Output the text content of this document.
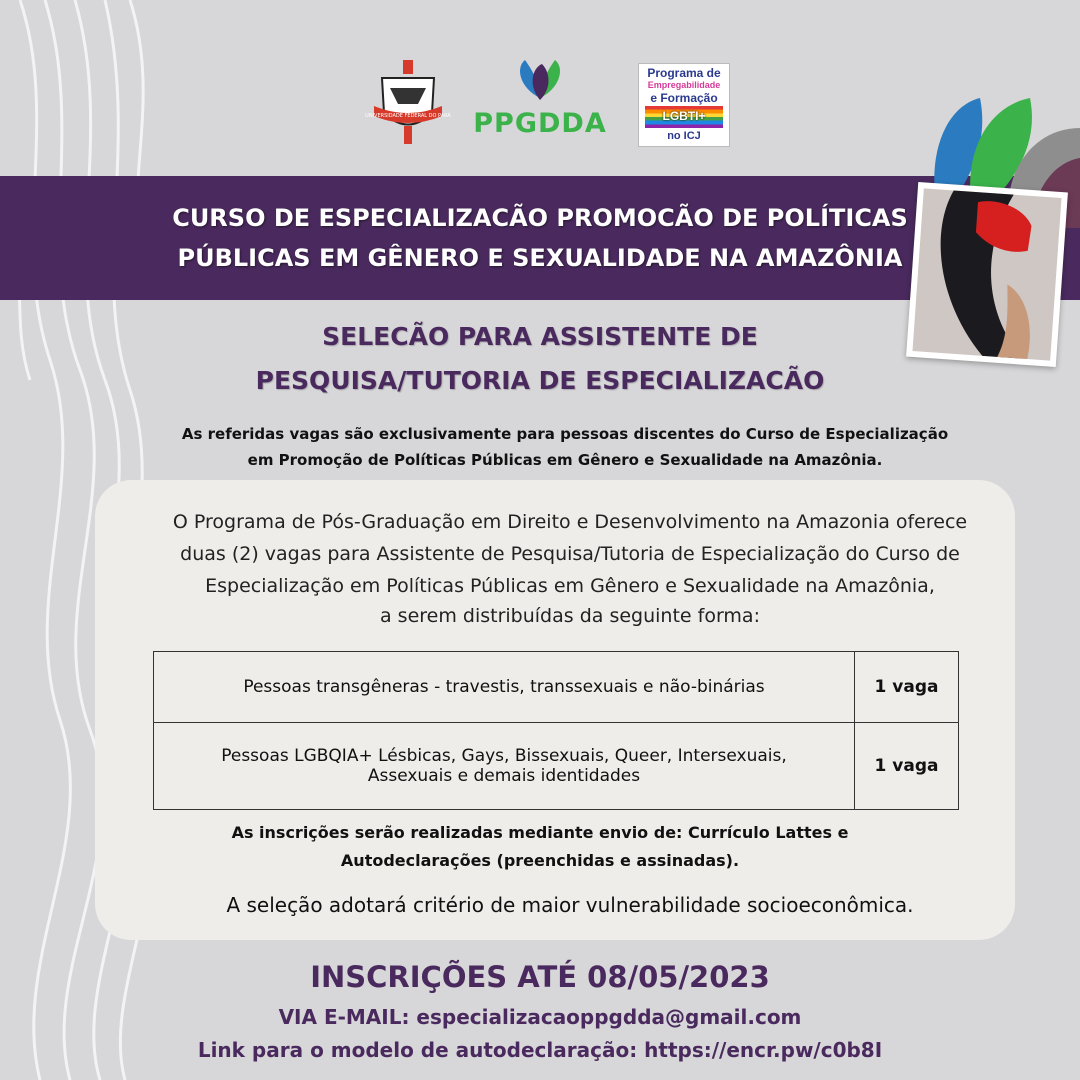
UNIVERSIDADE FEDERAL DO PARÁ PPGDDA
Programa de
Empregabilidade
e Formação
LGBTI+
no ICJ
CURSO DE ESPECIALIZACÃO PROMOCÃO DE POLÍTICAS
PÚBLICAS EM GÊNERO E SEXUALIDADE NA AMAZÔNIA
SELECÃO PARA ASSISTENTE DE
PESQUISA/TUTORIA DE ESPECIALIZACÃO
As referidas vagas são exclusivamente para pessoas discentes do Curso de Especialização
em Promoção de Políticas Públicas em Gênero e Sexualidade na Amazônia.
O Programa de Pós-Graduação em Direito e Desenvolvimento na Amazonia oferece
duas (2) vagas para Assistente de Pesquisa/Tutoria de Especialização do Curso de
Especialização em Políticas Públicas em Gênero e Sexualidade na Amazônia,
a serem distribuídas da seguinte forma:
Pessoas transgêneras - travestis, transsexuais e não-binárias	1 vaga
Pessoas LGBQIA+ Lésbicas, Gays, Bissexuais, Queer, Intersexuais, Assexuais e demais identidades	1 vaga
As inscrições serão realizadas mediante envio de: Currículo Lattes e
Autodeclarações (preenchidas e assinadas).
A seleção adotará critério de maior vulnerabilidade socioeconômica.
INSCRIÇÕES ATÉ 08/05/2023
VIA E-MAIL: especializacaoppgdda@gmail.com
Link para o modelo de autodeclaração: https://encr.pw/c0b8I
